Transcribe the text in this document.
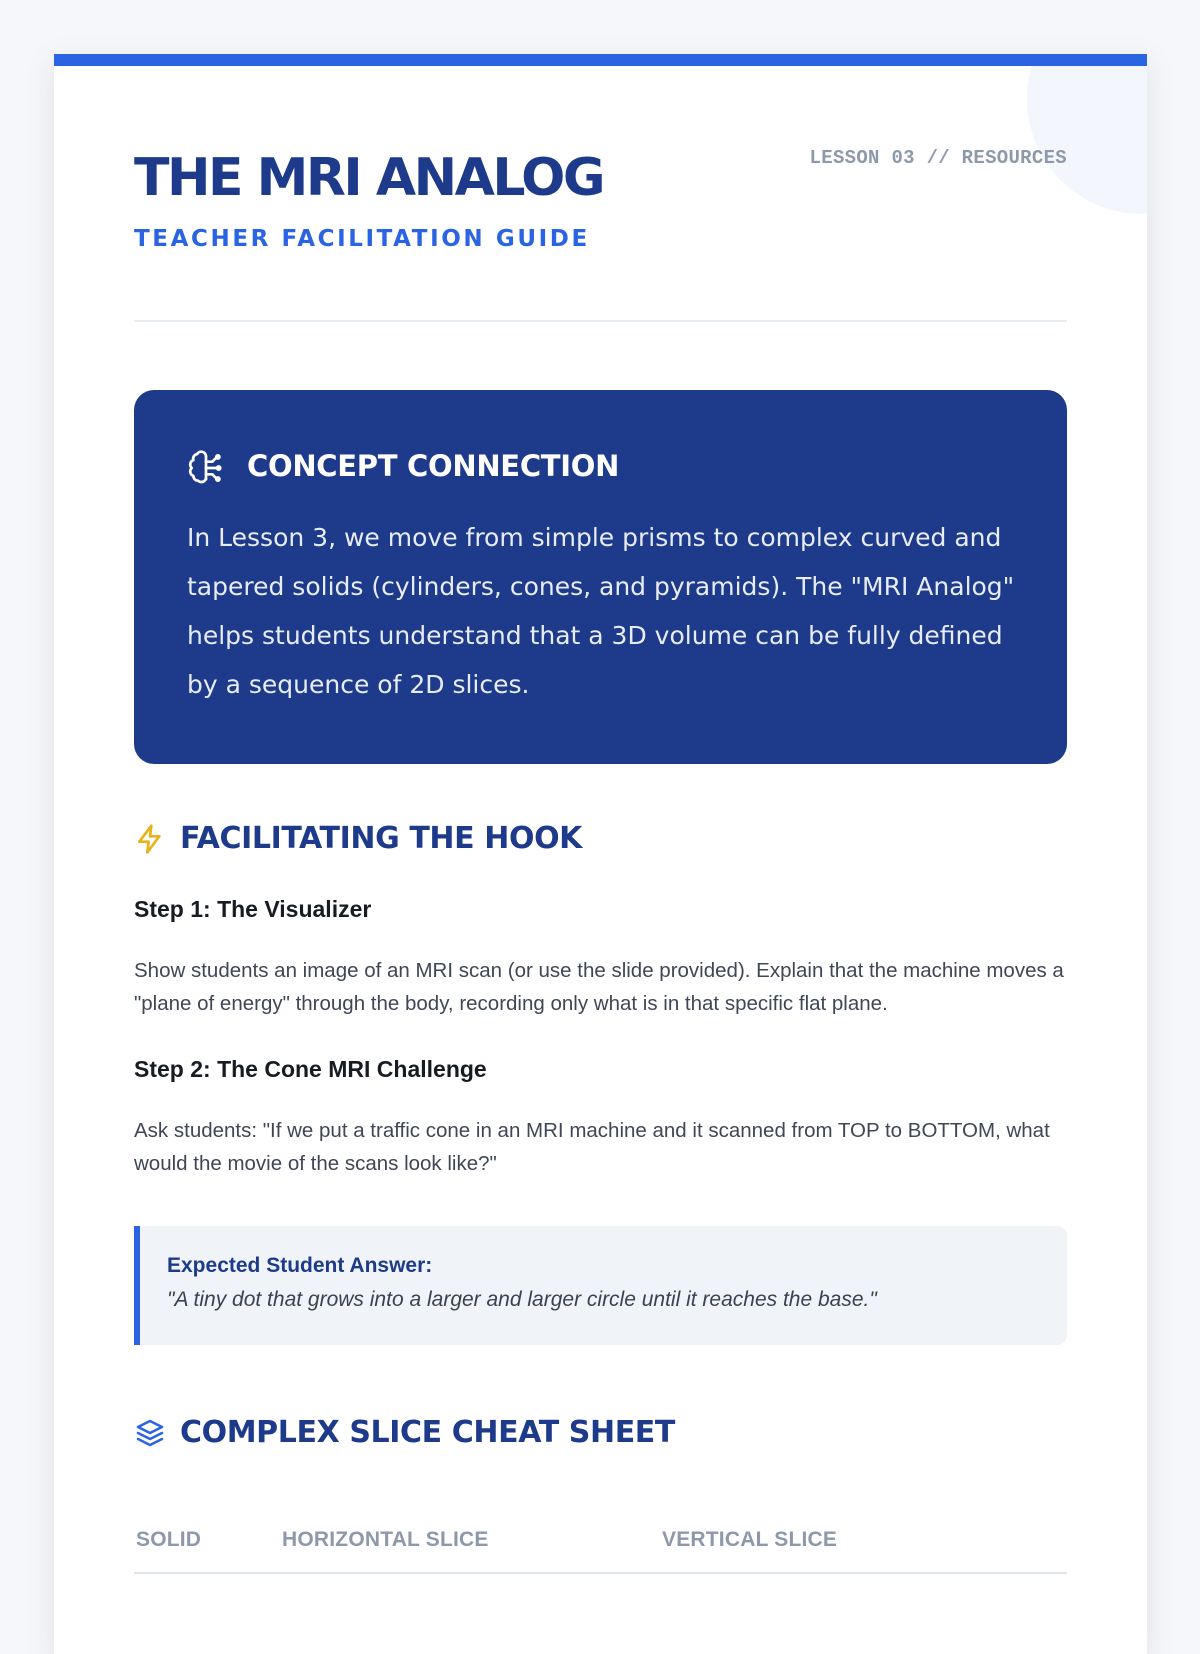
LESSON 03 // RESOURCES
THE MRI ANALOG
TEACHER FACILITATION GUIDE
CONCEPT CONNECTION

In Lesson 3, we move from simple prisms to complex curved and tapered solids (cylinders, cones, and pyramids). The "MRI Analog" helps students understand that a 3D volume can be fully defined by a sequence of 2D slices.

FACILITATING THE HOOK
Step 1: The Visualizer

Show students an image of an MRI scan (or use the slide provided). Explain that the machine moves a "plane of energy" through the body, recording only what is in that specific flat plane.

Step 2: The Cone MRI Challenge

Ask students: "If we put a traffic cone in an MRI machine and it scanned from TOP to BOTTOM, what would the movie of the scans look like?"

Expected Student Answer:
"A tiny dot that grows into a larger and larger circle until it reaches the base."
COMPLEX SLICE CHEAT SHEET
SOLID	HORIZONTAL SLICE	VERTICAL SLICE
